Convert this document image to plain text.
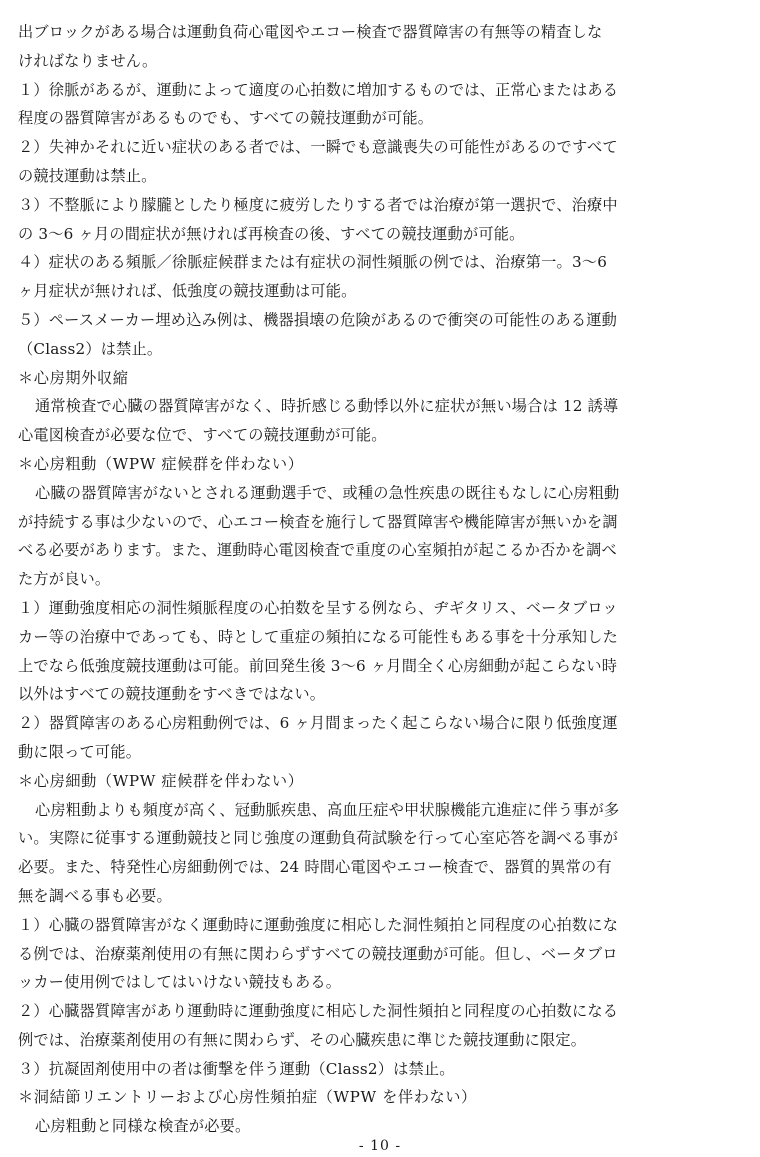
出ブロックがある場合は運動負荷心電図やエコー検査で器質障害の有無等の精査しな
ければなりません。
１）徐脈があるが、運動によって適度の心拍数に増加するものでは、正常心またはある
程度の器質障害があるものでも、すべての競技運動が可能。
２）失神かそれに近い症状のある者では、一瞬でも意識喪失の可能性があるのですべて
の競技運動は禁止。
３）不整脈により朦朧としたり極度に疲労したりする者では治療が第一選択で、治療中
の 3〜6 ヶ月の間症状が無ければ再検査の後、すべての競技運動が可能。
４）症状のある頻脈／徐脈症候群または有症状の洞性頻脈の例では、治療第一。3〜6
ヶ月症状が無ければ、低強度の競技運動は可能。
５）ペースメーカー埋め込み例は、機器損壊の危険があるので衝突の可能性のある運動
（Class2）は禁止。
＊心房期外収縮
通常検査で心臓の器質障害がなく、時折感じる動悸以外に症状が無い場合は 12 誘導
心電図検査が必要な位で、すべての競技運動が可能。
＊心房粗動（WPW 症候群を伴わない）
心臓の器質障害がないとされる運動選手で、或種の急性疾患の既往もなしに心房粗動
が持続する事は少ないので、心エコー検査を施行して器質障害や機能障害が無いかを調
べる必要があります。また、運動時心電図検査で重度の心室頻拍が起こるか否かを調べ
た方が良い。
１）運動強度相応の洞性頻脈程度の心拍数を呈する例なら、ヂギタリス、ベータブロッ
カー等の治療中であっても、時として重症の頻拍になる可能性もある事を十分承知した
上でなら低強度競技運動は可能。前回発生後 3〜6 ヶ月間全く心房細動が起こらない時
以外はすべての競技運動をすべきではない。
２）器質障害のある心房粗動例では、6 ヶ月間まったく起こらない場合に限り低強度運
動に限って可能。
＊心房細動（WPW 症候群を伴わない）
心房粗動よりも頻度が高く、冠動脈疾患、高血圧症や甲状腺機能亢進症に伴う事が多
い。実際に従事する運動競技と同じ強度の運動負荷試験を行って心室応答を調べる事が
必要。また、特発性心房細動例では、24 時間心電図やエコー検査で、器質的異常の有
無を調べる事も必要。
１）心臓の器質障害がなく運動時に運動強度に相応した洞性頻拍と同程度の心拍数にな
る例では、治療薬剤使用の有無に関わらずすべての競技運動が可能。但し、ベータブロ
ッカー使用例ではしてはいけない競技もある。
２）心臓器質障害があり運動時に運動強度に相応した洞性頻拍と同程度の心拍数になる
例では、治療薬剤使用の有無に関わらず、その心臓疾患に準じた競技運動に限定。
３）抗凝固剤使用中の者は衝撃を伴う運動（Class2）は禁止。
＊洞結節リエントリーおよび心房性頻拍症（WPW を伴わない）
心房粗動と同様な検査が必要。
- 10 -
